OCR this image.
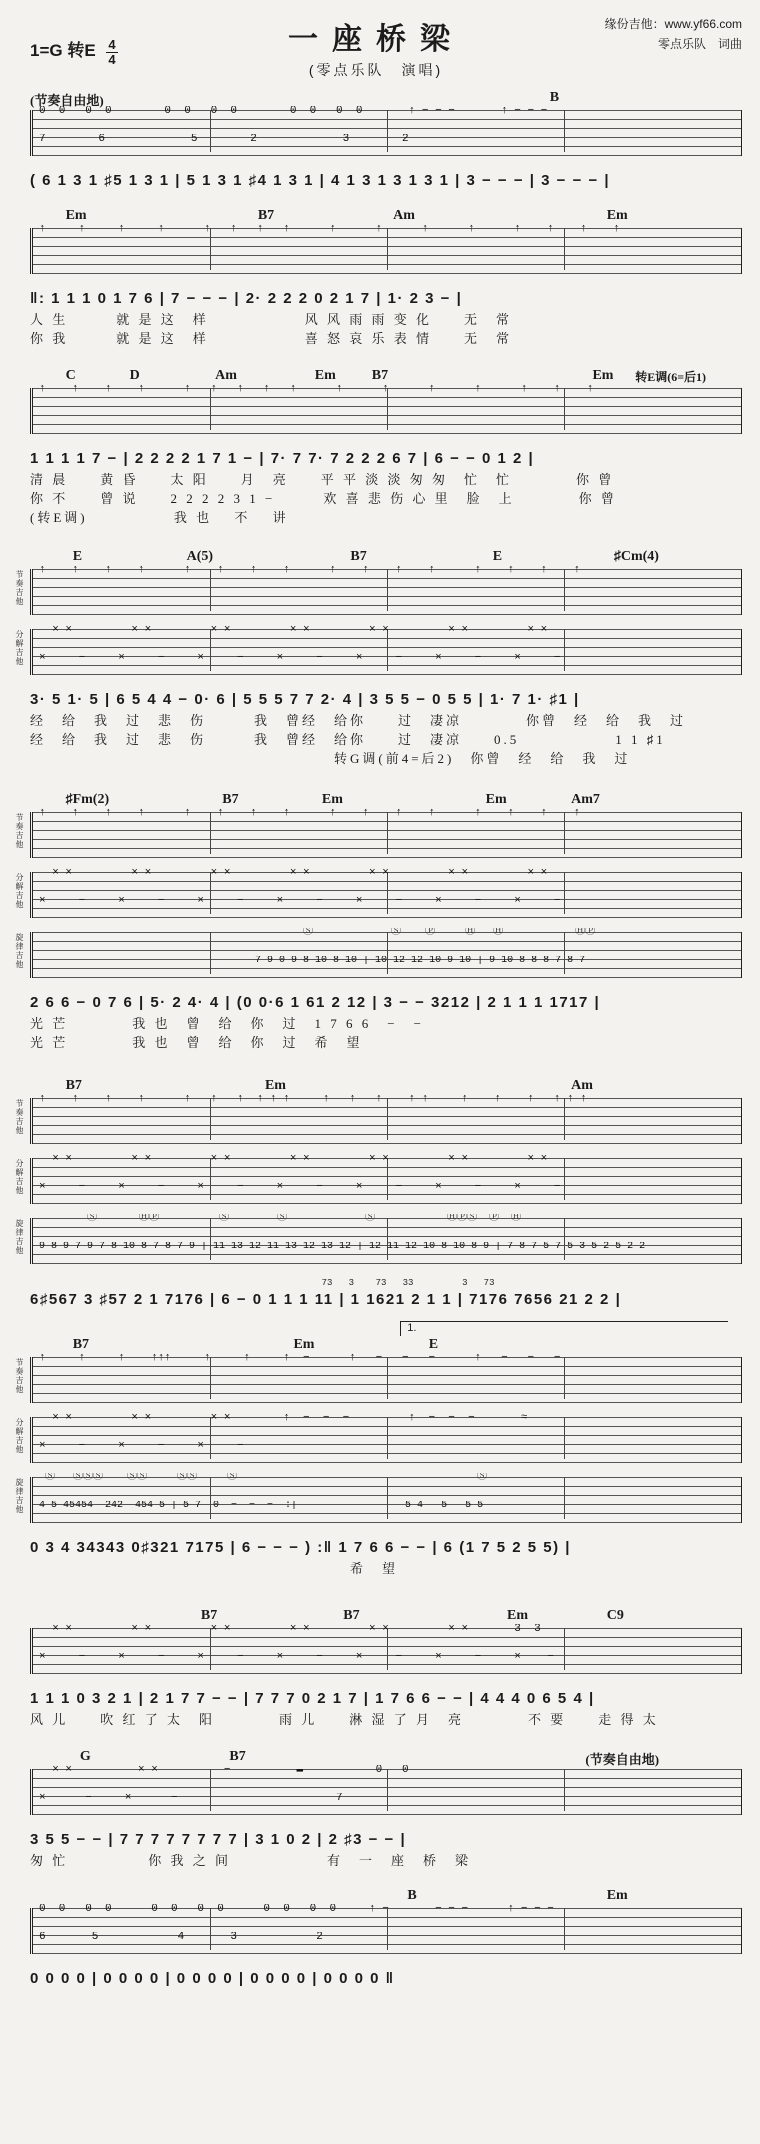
1=G 转E $\frac{4}{4}$	一座桥梁
(零点乐队　演唱)
缘份吉他：www.yf66.com
零点乐队　词曲
(节奏自由地)	B
0  0   0  0        0  0   0  0        0  0   0  0       ↑ − − −       ↑ − − −
7        6             5        2             3        2
( 6 1 3 1 ♯5 1 3 1 | 5 1 3 1 ♯4 1 3 1 | 4 1 3 1 3 1 3 1 | 3 − − − | 3 − − − |
Em	B7	Am	Em
↑     ↑     ↑     ↑      ↑   ↑   ↑   ↑      ↑      ↑      ↑      ↑      ↑    ↑    ↑    ↑
‖: 1 1 1 0 1 7 6 | 7 − − − | 2· 2 2 2 0 2 1 7 | 1· 2 3 − |
人 生　　　就 是 这　样　　　　　　风 风 雨 雨 变 化　　无　常
你 我　　　就 是 这　样　　　　　　喜 怒 哀 乐 表 情　　无　常
C	D	Am	Em	B7	Em 转E调(6=后1)
↑    ↑    ↑    ↑      ↑   ↑   ↑   ↑   ↑      ↑      ↑      ↑      ↑      ↑    ↑    ↑
1 1 1 1 7 − | 2 2 2 2 1 7 1 − | 7· 7 7· 7 2 2 2 6 7 | 6 − − 0 1 2 |
清 晨　　黄 昏　　太 阳　　月　亮　　平 平 淡 淡 匆 匆　忙　忙　　　　你 曾
你 不　　曾 说　　2 2 2 2 3 1 −　　　欢 喜 悲 伤 心 里　脸　上　　　　你 曾
(转E调)　　　　　 我 也　 不　 讲
E	A(5)	B7	E	♯Cm(4)
节奏吉他 ↑    ↑    ↑    ↑      ↑    ↑    ↑    ↑      ↑    ↑    ↑    ↑      ↑    ↑    ↑    ↑
分解吉他 × ×         × ×         × ×         × ×         × ×         × ×         × ×
×     −     ×     −     ×     −     ×     −     ×     −     ×     −     ×     −
3· 5 1· 5 | 6 5 4 4 − 0· 6 | 5 5 5 7 7 2· 4 | 3 5 5 − 0 5 5 | 1· 7 1· ♯1 |
经　给　我　过　悲　伤　　　我　曾经　给你　　过　凄凉　　　　你曾　经　给　我　过
经　给　我　过　悲　伤　　　我　曾经　给你　　过　凄凉　　0.5　　　　　　1 1 ♯1
　　　　　　　　　　　　　　　　　　　转G调(前4=后2)　你曾　经　给　我　过
♯Fm(2)	B7	Em	Em	Am7
节奏吉他 ↑    ↑    ↑    ↑      ↑    ↑    ↑    ↑      ↑    ↑    ↑    ↑      ↑    ↑    ↑    ↑
分解吉他 × ×         × ×         × ×         × ×         × ×         × ×         × ×
×     −     ×     −     ×     −     ×     −     ×     −     ×     −     ×     −
旋律吉他
Ⓢ             Ⓢ    Ⓟ     Ⓗ   Ⓗ            ⒽⓅ
7 9 0 9 8 10 8 10 | 10 12 12 10 9 10 | 9 10 8 8 8 7 8 7
2 6 6 − 0 7 6 | 5· 2 4· 4 | (0 0·6 1 61 2 12 | 3 − − 3212 | 2 1 1 1 1717 |
光 芒　　　　我 也　曾　给　你　过　1 7 6 6　−　−
光 芒　　　　我 也　曾　给　你　过　希　望
B7	Em	Am
节奏吉他 ↑    ↑    ↑    ↑      ↑   ↑   ↑  ↑ ↑ ↑     ↑   ↑   ↑    ↑ ↑     ↑    ↑    ↑   ↑ ↑ ↑
分解吉他 × ×         × ×         × ×         × ×         × ×         × ×         × ×
×     −     ×     −     ×     −     ×     −     ×     −     ×     −     ×     −
旋律吉他
Ⓢ       ⒽⓅ          Ⓢ        Ⓢ             Ⓢ            ⒽⓅⓈ  Ⓟ  Ⓗ
9 8 9 7 9 7 8 10 8 7 8 7 9 | 11 13 12 11 13 12 13 12 | 12 11 12 10 8 10 8 9 | 7 8 7 5 7 5 3 5 2 5 2 2
73   3    73   33         3   73
6♯567 3 ♯57 2 1 7176 | 6 − 0 1 1 1 11 | 1 1621 2 1 1 | 7176 7656 21 2 2 |
1.
B7	Em	E
节奏吉他 ↑     ↑     ↑    ↑↑↑     ↑     ↑     ↑  −      ↑   −   −   −      ↑   −   −   −
分解吉他 × ×         × ×         × ×        ↑  −  −  −         ↑  −  −  −       ≈
×     −     ×     −     ×     −
旋律吉他
Ⓢ   ⓈⓈⓈ    ⓈⓈ     ⓈⓈ     Ⓢ                                        Ⓢ
4 5 45454  242  454 5 | 5 7  0  −  −  −  :|                  5 4   5   5 5
0 3 4 34343 0♯321 7175 | 6 − − − ) :‖ 1 7 6 6 − − | 6 (1 7 5 2 5 5) |
　　　　　　　　　　　　　　　　　　　　希　望
B7	B7	Em	C9
× ×         × ×         × ×         × ×         × ×         × ×       3  3
×     −     ×     −     ×     −     ×     −     ×     −     ×     −     ×    −
1 1 1 0 3 2 1 | 2 1 7 7 − − | 7 7 7 0 2 1 7 | 1 7 6 6 − − | 4 4 4 0 6 5 4 |
风 儿　　吹 红 了 太　阳　　　　雨 儿　　淋 湿 了 月　亮　　　　不 要　　走 得 太
(节奏自由地)
G	B7
× ×          × ×          −          ▬           0   0
×      −     ×      −                        7
3 5 5 − − | 7 7 7 7 7 7 7 7 | 3 1 0 2 | 2 ♯3 − − |
匆 忙　　　　　你 我 之 间　　　　　　有　一　座　桥　梁
B	Em
0  0   0  0      0  0   0  0      0  0   0  0     ↑ −       − − −      ↑ − − −
6       5            4       3            2
0 0 0 0 | 0 0 0 0 | 0 0 0 0 | 0 0 0 0 | 0 0 0 0 ‖
